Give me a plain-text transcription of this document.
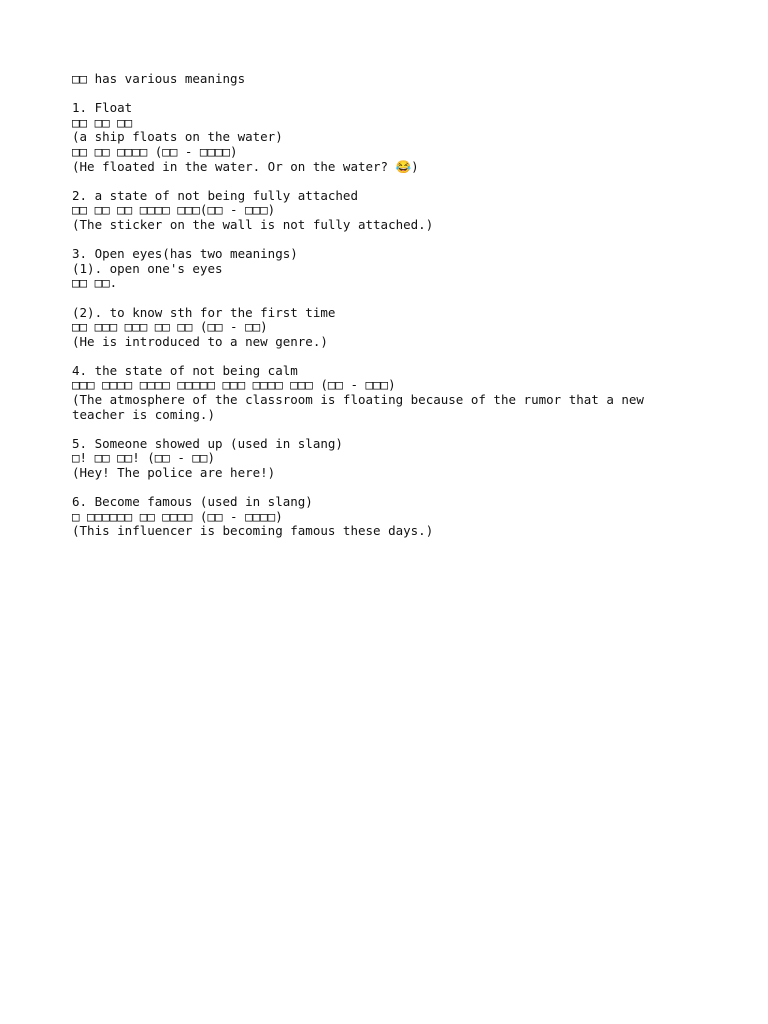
□□ has various meanings
1. Float
□□ □□ □□
(a ship floats on the water)
□□ □□ □□□□ (□□ - □□□□)
(He floated in the water. Or on the water? 😂)
2. a state of not being fully attached
□□ □□ □□ □□□□ □□□(□□ - □□□)
(The sticker on the wall is not fully attached.)
3. Open eyes(has two meanings)
(1). open one's eyes
□□ □□.
(2). to know sth for the first time
□□ □□□ □□□ □□ □□ (□□ - □□)
(He is introduced to a new genre.)
4. the state of not being calm
□□□ □□□□ □□□□ □□□□□ □□□ □□□□ □□□ (□□ - □□□)
(The atmosphere of the classroom is floating because of the rumor that a new teacher is coming.)
5. Someone showed up (used in slang)
□! □□ □□! (□□ - □□)
(Hey! The police are here!)
6. Become famous (used in slang)
□ □□□□□□ □□ □□□□ (□□ - □□□□)
(This influencer is becoming famous these days.)
